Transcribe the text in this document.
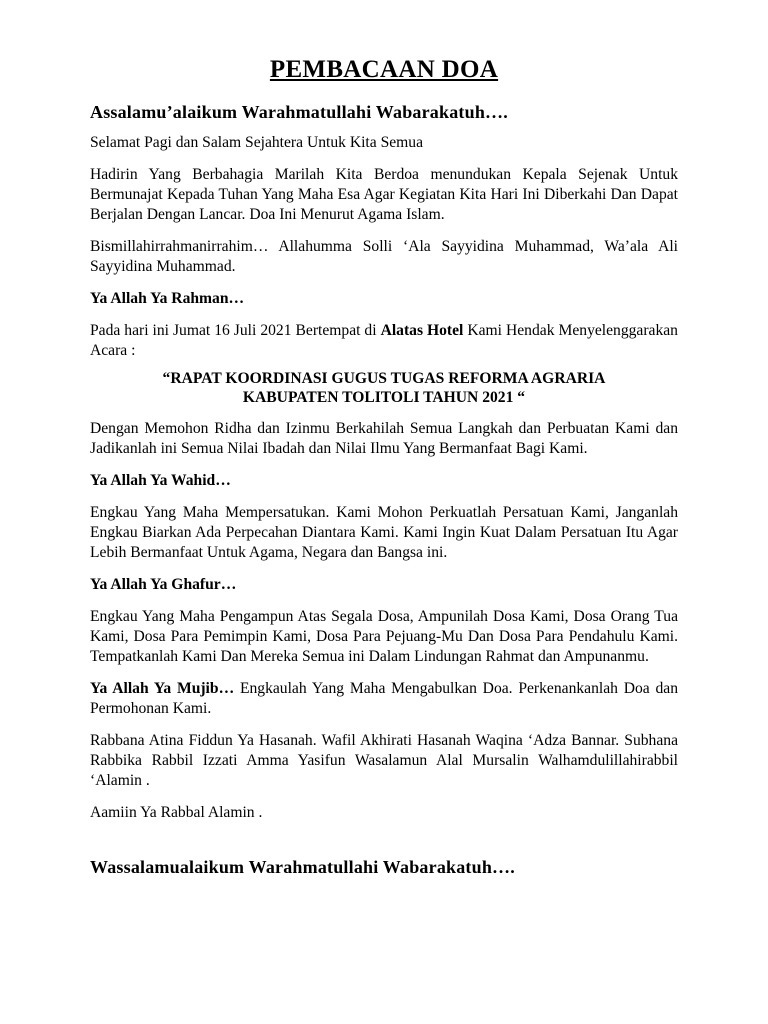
PEMBACAAN DOA
Assalamu’alaikum Warahmatullahi Wabarakatuh….
Selamat Pagi dan Salam Sejahtera Untuk Kita Semua
Hadirin Yang Berbahagia Marilah Kita Berdoa menundukan Kepala Sejenak Untuk Bermunajat Kepada Tuhan Yang Maha Esa Agar Kegiatan Kita Hari Ini Diberkahi Dan Dapat Berjalan Dengan Lancar. Doa Ini Menurut Agama Islam.
Bismillahirrahmanirrahim… Allahumma Solli ‘Ala Sayyidina Muhammad, Wa’ala Ali Sayyidina Muhammad.
Ya Allah Ya Rahman…
Pada hari ini Jumat 16 Juli 2021 Bertempat di Alatas Hotel Kami Hendak Menyelenggarakan Acara :
“RAPAT KOORDINASI GUGUS TUGAS REFORMA AGRARIA
KABUPATEN TOLITOLI TAHUN 2021 “
Dengan Memohon Ridha dan Izinmu Berkahilah Semua Langkah dan Perbuatan Kami dan Jadikanlah ini Semua Nilai Ibadah dan Nilai Ilmu Yang Bermanfaat Bagi Kami.
Ya Allah Ya Wahid…
Engkau Yang Maha Mempersatukan. Kami Mohon Perkuatlah Persatuan Kami, Janganlah Engkau Biarkan Ada Perpecahan Diantara Kami. Kami Ingin Kuat Dalam Persatuan Itu Agar Lebih Bermanfaat Untuk Agama, Negara dan Bangsa ini.
Ya Allah Ya Ghafur…
Engkau Yang Maha Pengampun Atas Segala Dosa, Ampunilah Dosa Kami, Dosa Orang Tua Kami, Dosa Para Pemimpin Kami, Dosa Para Pejuang-Mu Dan Dosa Para Pendahulu Kami. Tempatkanlah Kami Dan Mereka Semua ini Dalam Lindungan Rahmat dan Ampunanmu.
Ya Allah Ya Mujib… Engkaulah Yang Maha Mengabulkan Doa. Perkenankanlah Doa dan Permohonan Kami.
Rabbana Atina Fiddun Ya Hasanah. Wafil Akhirati Hasanah Waqina ‘Adza Bannar. Subhana Rabbika Rabbil Izzati Amma Yasifun Wasalamun Alal Mursalin Walhamdulillahirabbil ‘Alamin .
Aamiin Ya Rabbal Alamin .
Wassalamualaikum Warahmatullahi Wabarakatuh….
